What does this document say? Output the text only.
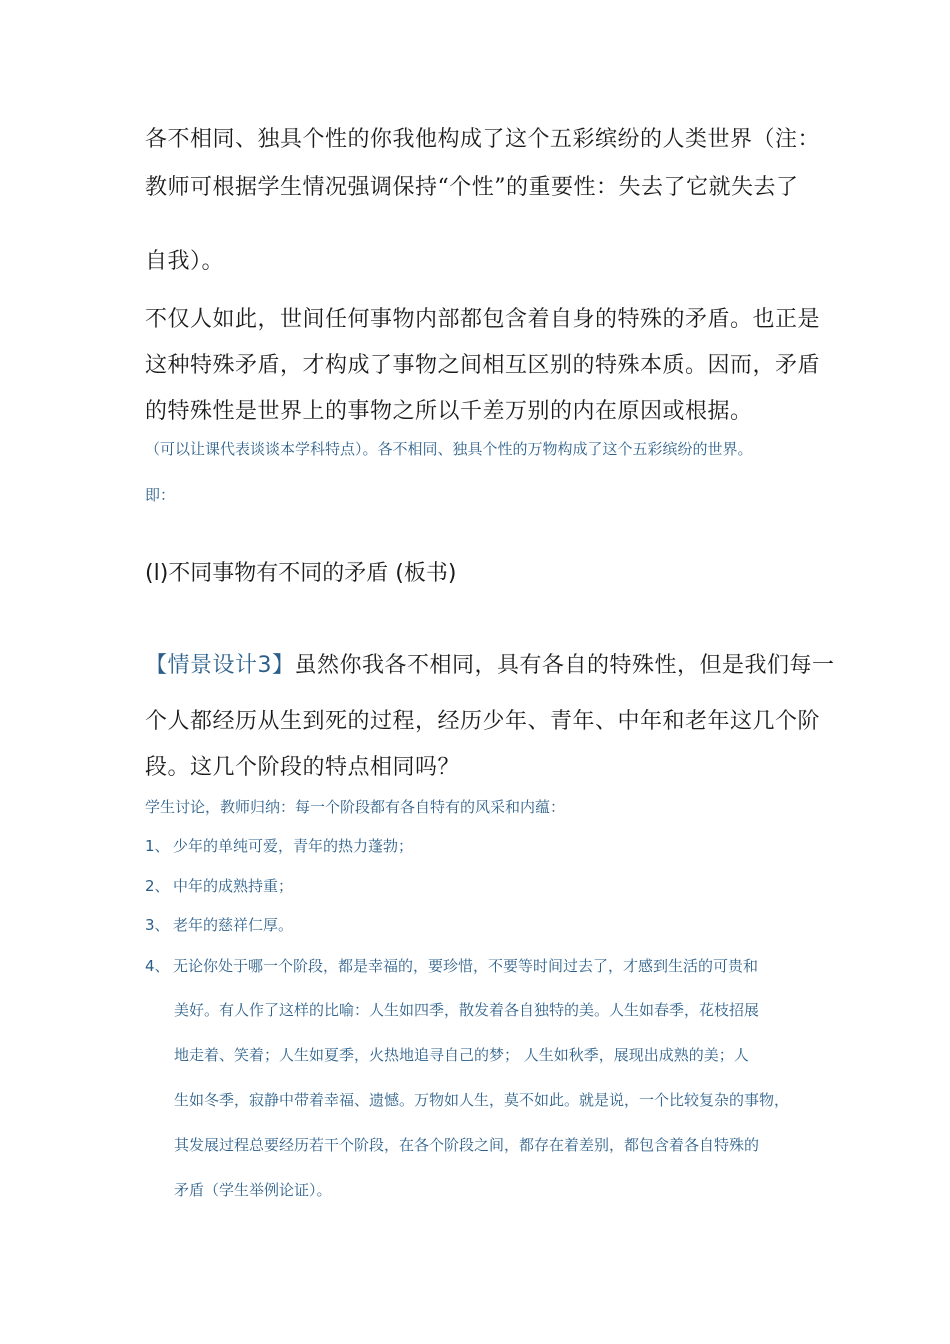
各不相同、独具个性的你我他构成了这个五彩缤纷的人类世界（注：
教师可根据学生情况强调保持“个性”的重要性：失去了它就失去了
自我）。
不仅人如此，世间任何事物内部都包含着自身的特殊的矛盾。也正是
这种特殊矛盾，才构成了事物之间相互区别的特殊本质。因而，矛盾
的特殊性是世界上的事物之所以千差万别的内在原因或根据。
（可以让课代表谈谈本学科特点）。各不相同、独具个性的万物构成了这个五彩缤纷的世界。
即：
(l)不同事物有不同的矛盾 (板书)
【情景设计3】虽然你我各不相同，具有各自的特殊性，但是我们每一
个人都经历从生到死的过程，经历少年、青年、中年和老年这几个阶
段。这几个阶段的特点相同吗？
学生讨论，教师归纳：每一个阶段都有各自特有的风采和内蕴：
1、 少年的单纯可爱，青年的热力蓬勃；
2、 中年的成熟持重；
3、 老年的慈祥仁厚。
4、 无论你处于哪一个阶段，都是幸福的，要珍惜，不要等时间过去了，才感到生活的可贵和
美好。有人作了这样的比喻：人生如四季，散发着各自独特的美。人生如春季，花枝招展
地走着、笑着；人生如夏季，火热地追寻自己的梦； 人生如秋季，展现出成熟的美；人
生如冬季，寂静中带着幸福、遗憾。万物如人生，莫不如此。就是说，一个比较复杂的事物，
其发展过程总要经历若干个阶段，在各个阶段之间，都存在着差别，都包含着各自特殊的
矛盾（学生举例论证）。
